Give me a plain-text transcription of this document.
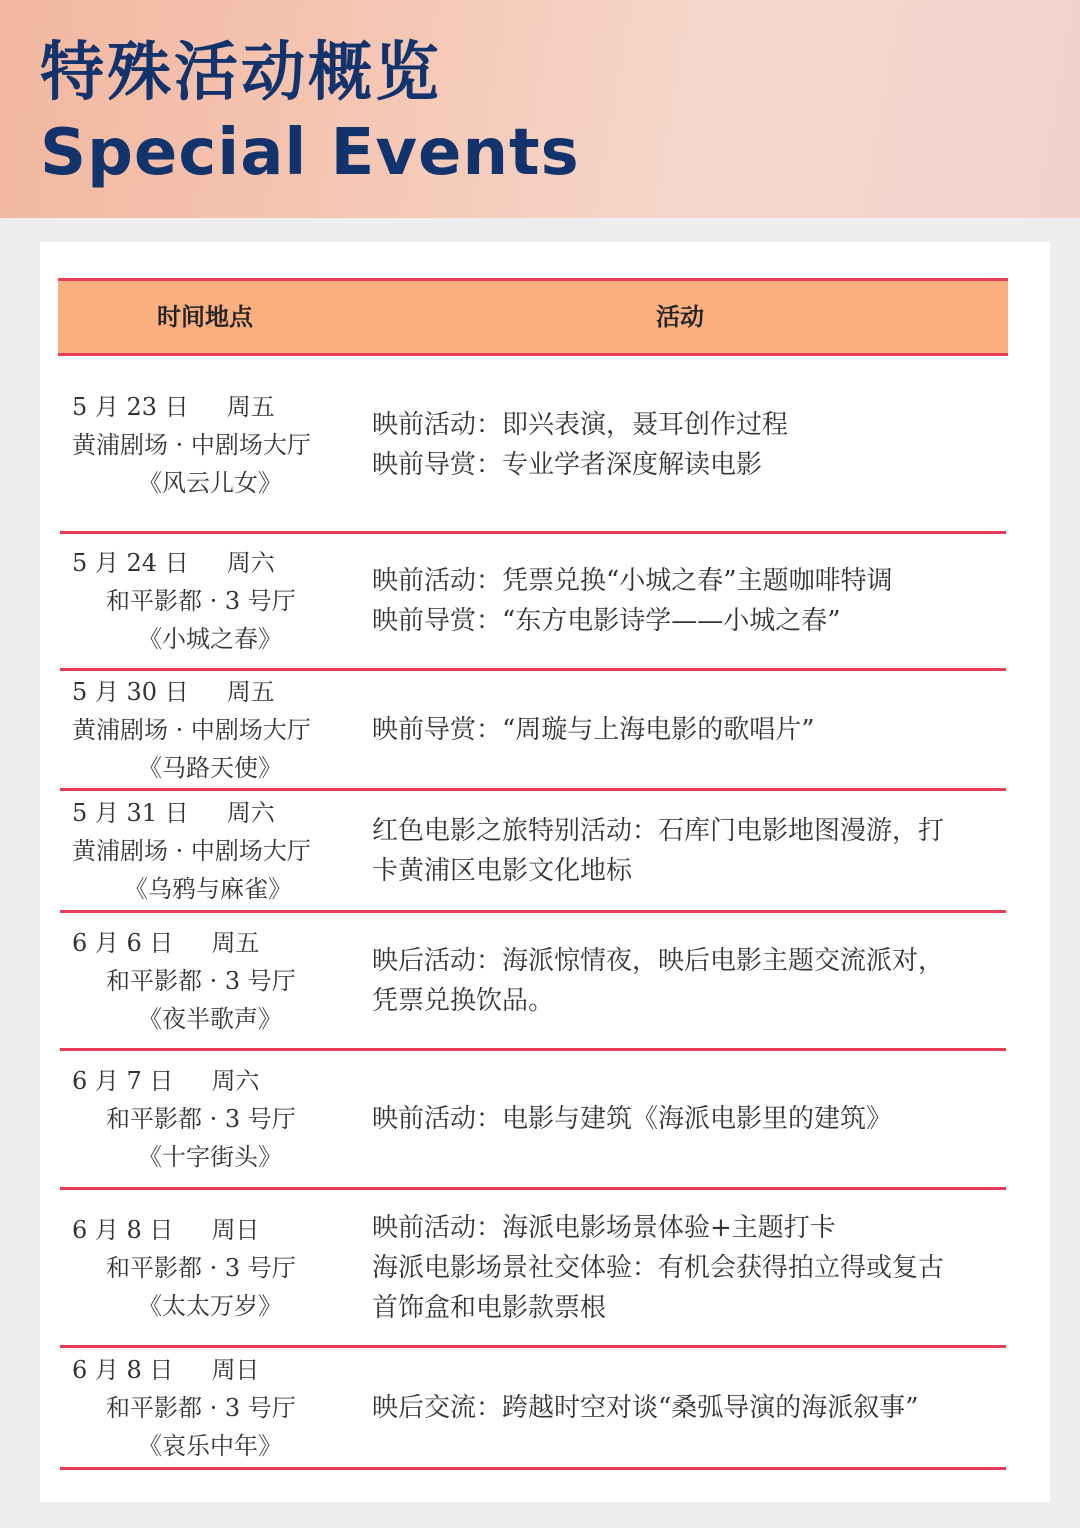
特殊活动概览
Special Events
时间地点	活动
5 月 23 日 周五
黄浦剧场 · 中剧场大厅
《风云儿女》
映前活动：即兴表演，聂耳创作过程
映前导赏：专业学者深度解读电影
5 月 24 日 周六
和平影都 · 3 号厅
《小城之春》
映前活动：凭票兑换“小城之春”主题咖啡特调
映前导赏：“东方电影诗学——小城之春”
5 月 30 日 周五
黄浦剧场 · 中剧场大厅
《马路天使》
映前导赏：“周璇与上海电影的歌唱片”
5 月 31 日 周六
黄浦剧场 · 中剧场大厅
《乌鸦与麻雀》
红色电影之旅特别活动：石库门电影地图漫游，打
卡黄浦区电影文化地标
6 月 6 日 周五
和平影都 · 3 号厅
《夜半歌声》
映后活动：海派惊情夜，映后电影主题交流派对，
凭票兑换饮品。
6 月 7 日 周六
和平影都 · 3 号厅
《十字街头》
映前活动：电影与建筑《海派电影里的建筑》
6 月 8 日 周日
和平影都 · 3 号厅
《太太万岁》
映前活动：海派电影场景体验+主题打卡
海派电影场景社交体验：有机会获得拍立得或复古
首饰盒和电影款票根
6 月 8 日 周日
和平影都 · 3 号厅
《哀乐中年》
映后交流：跨越时空对谈“桑弧导演的海派叙事”
